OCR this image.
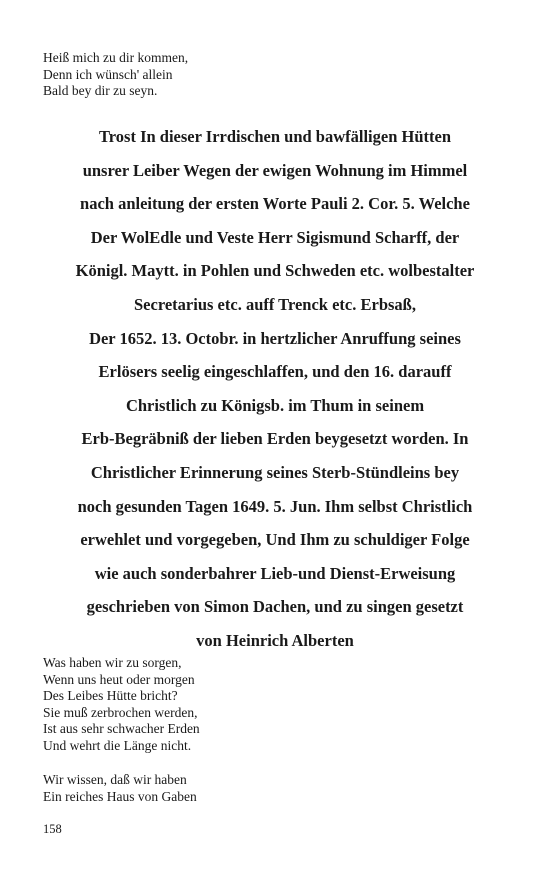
Heiß mich zu dir kommen,
Denn ich wünsch' allein
Bald bey dir zu seyn.
Trost In dieser Irrdischen und bawfälligen Hütten
unsrer Leiber Wegen der ewigen Wohnung im Himmel
nach anleitung der ersten Worte Pauli 2. Cor. 5. Welche
Der WolEdle und Veste Herr Sigismund Scharff, der
Königl. Maytt. in Pohlen und Schweden etc. wolbestalter
Secretarius etc. auff Trenck etc. Erbsaß,
Der 1652. 13. Octobr. in hertzlicher Anruffung seines
Erlösers seelig eingeschlaffen, und den 16. darauff
Christlich zu Königsb. im Thum in seinem
Erb-Begräbniß der lieben Erden beygesetzt worden. In
Christlicher Erinnerung seines Sterb-Stündleins bey
noch gesunden Tagen 1649. 5. Jun. Ihm selbst Christlich
erwehlet und vorgegeben, Und Ihm zu schuldiger Folge
wie auch sonderbahrer Lieb-und Dienst-Erweisung
geschrieben von Simon Dachen, und zu singen gesetzt
von Heinrich Alberten
Was haben wir zu sorgen,
Wenn uns heut oder morgen
Des Leibes Hütte bricht?
Sie muß zerbrochen werden,
Ist aus sehr schwacher Erden
Und wehrt die Länge nicht.
Wir wissen, daß wir haben
Ein reiches Haus von Gaben
158
